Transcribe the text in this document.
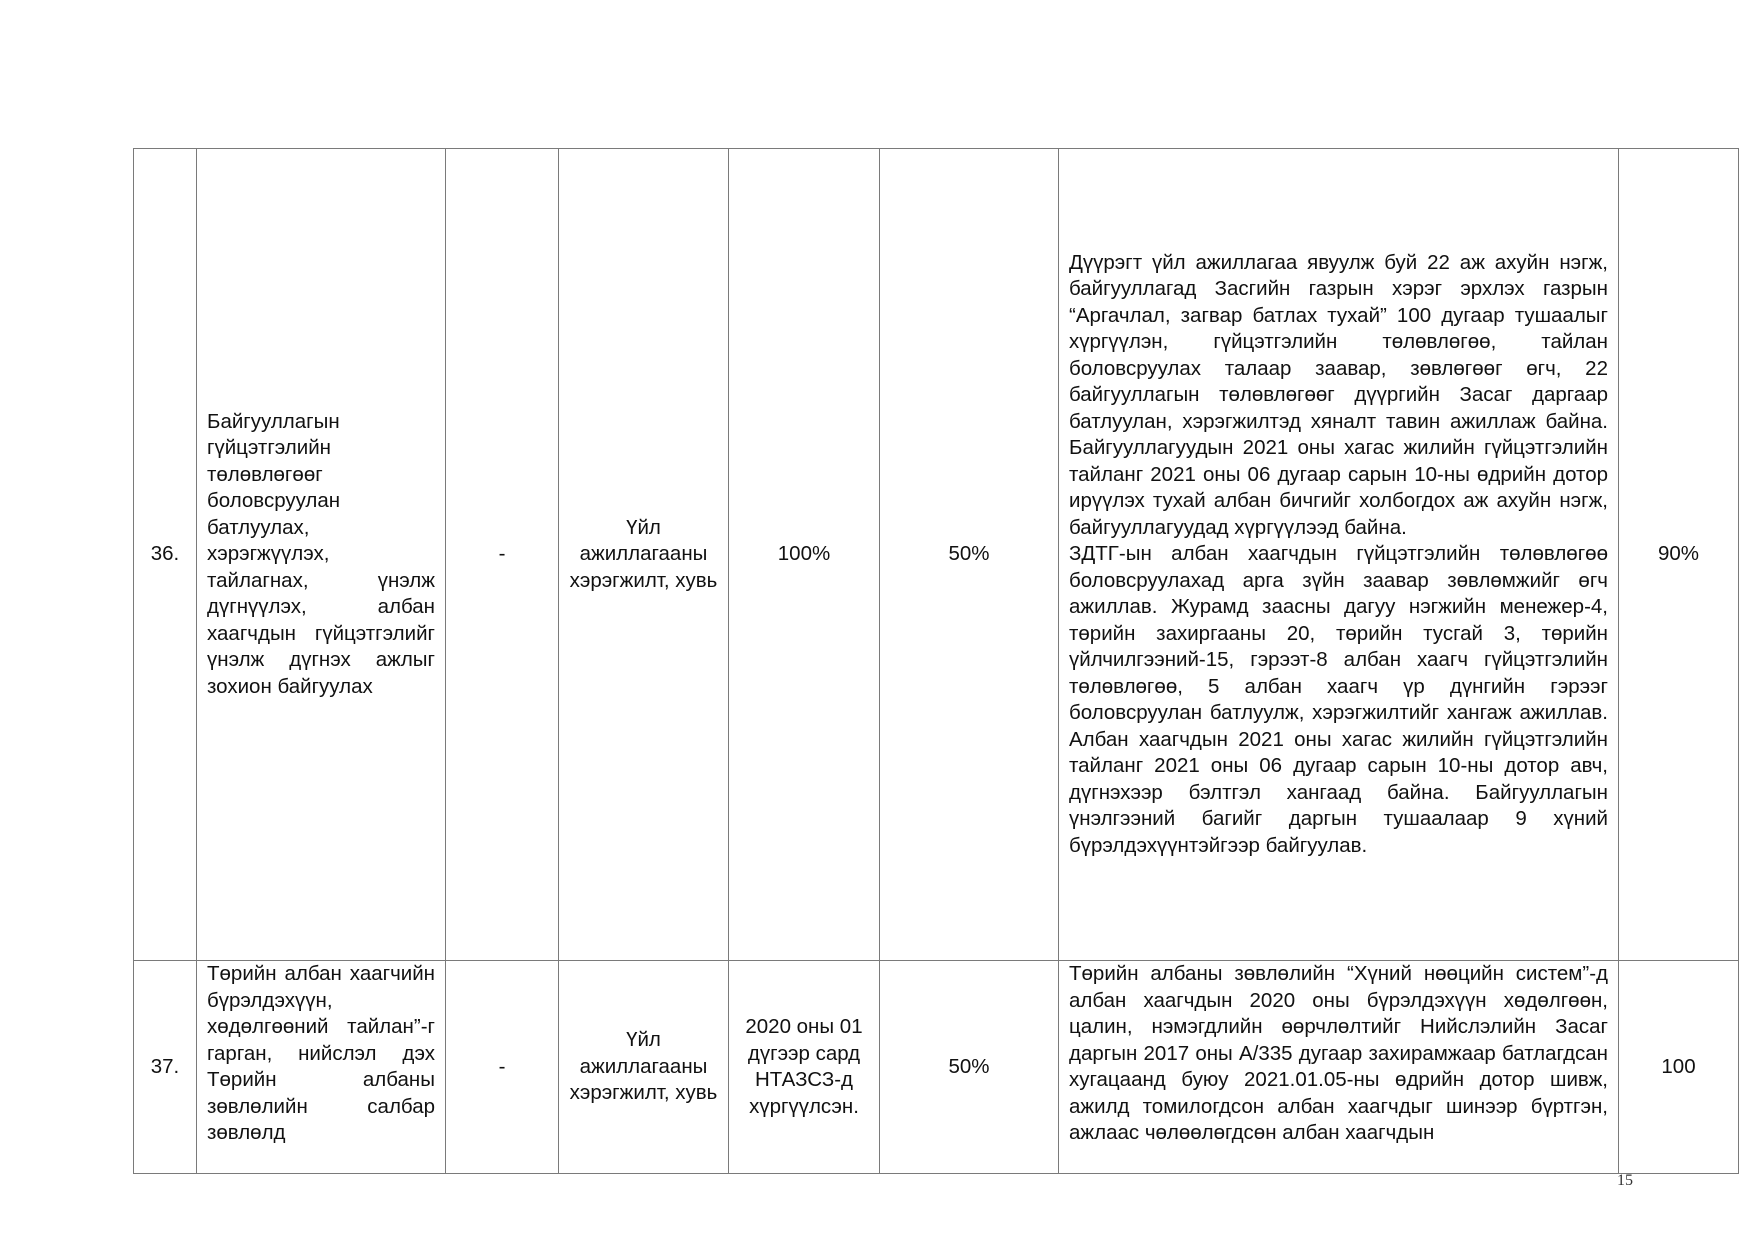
36.	Байгууллагын гүйцэтгэлийн төлөвлөгөөг боловсруулан батлуулах, хэрэгжүүлэх, тайлагнах, үнэлж дүгнүүлэх, албан хаагчдын гүйцэтгэлийг үнэлж дүгнэх ажлыг зохион байгуулах	-	Үйл ажиллагааны хэрэгжилт, хувь	100%	50%	Дүүрэгт үйл ажиллагаа явуулж буй 22 аж ахуйн нэгж, байгууллагад Засгийн газрын хэрэг эрхлэх газрын “Аргачлал, загвар батлах тухай” 100 дугаар тушаалыг хүргүүлэн, гүйцэтгэлийн төлөвлөгөө, тайлан боловсруулах талаар заавар, зөвлөгөөг өгч, 22 байгууллагын төлөвлөгөөг дүүргийн Засаг даргаар батлуулан, хэрэгжилтэд хяналт тавин ажиллаж байна. Байгууллагуудын 2021 оны хагас жилийн гүйцэтгэлийн тайланг 2021 оны 06 дугаар сарын 10-ны өдрийн дотор ирүүлэх тухай албан бичгийг холбогдох аж ахуйн нэгж, байгууллагуудад хүргүүлээд байна.

ЗДТГ-ын албан хаагчдын гүйцэтгэлийн төлөвлөгөө боловсруулахад арга зүйн заавар зөвлөмжийг өгч ажиллав. Журамд заасны дагуу нэгжийн менежер-4, төрийн захиргааны 20, төрийн тусгай 3, төрийн үйлчилгээний-15, гэрээт-8 албан хаагч гүйцэтгэлийн төлөвлөгөө, 5 албан хаагч үр дүнгийн гэрээг боловсруулан батлуулж, хэрэгжилтийг хангаж ажиллав. Албан хаагчдын 2021 оны хагас жилийн гүйцэтгэлийн тайланг 2021 оны 06 дугаар сарын 10-ны дотор авч, дүгнэхээр бэлтгэл хангаад байна. Байгууллагын үнэлгээний багийг даргын тушаалаар 9 хүний бүрэлдэхүүнтэйгээр байгуулав.	90%
37.	Төрийн албан хаагчийн бүрэлдэхүүн, хөдөлгөөний тайлан”-г гарган, нийслэл дэх Төрийн албаны зөвлөлийн салбар зөвлөлд	-	Үйл ажиллагааны хэрэгжилт, хувь	2020 оны 01 дүгээр сард НТАЗСЗ-д хүргүүлсэн.	50%	Төрийн албаны зөвлөлийн “Хүний нөөцийн систем”-д албан хаагчдын 2020 оны бүрэлдэхүүн хөдөлгөөн, цалин, нэмэгдлийн өөрчлөлтийг Нийслэлийн Засаг даргын 2017 оны А/335 дугаар захирамжаар батлагдсан хугацаанд буюу 2021.01.05-ны өдрийн дотор шивж, ажилд томилогдсон албан хаагчдыг шинээр бүртгэн, ажлаас чөлөөлөгдсөн албан хаагчдын	100
15
